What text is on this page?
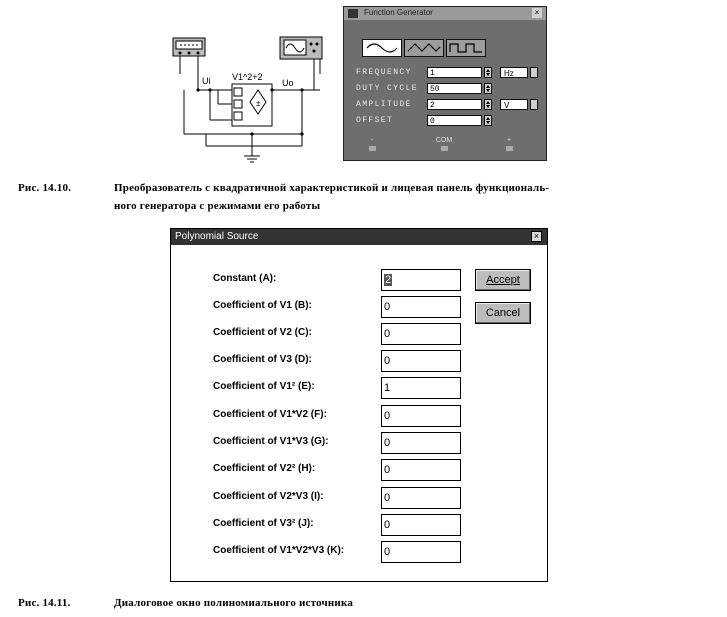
±
Ui V1^2+2
Uo
Function Generator	×
FREQUENCY	1	Hz
DUTY CYCLE	50
AMPLITUDE	2	V
OFFSET	0
-	COM	+
Рис. 14.10.	Преобразователь с квадратичной характеристикой и лицевая панель функциональ-
ного генератора с режимами его работы
Polynomial Source	×
Constant (A):	2
Coefficient of V1 (B):	0
Coefficient of V2 (C):	0
Coefficient of V3 (D):	0
Coefficient of V1² (E):	1
Coefficient of V1*V2 (F):	0
Coefficient of V1*V3 (G):	0
Coefficient of V2² (H):	0
Coefficient of V2*V3 (I):	0
Coefficient of V3² (J):	0
Coefficient of V1*V2*V3 (K):	0
Accept
Cancel
Рис. 14.11.	Диалоговое окно полиномиального источника
